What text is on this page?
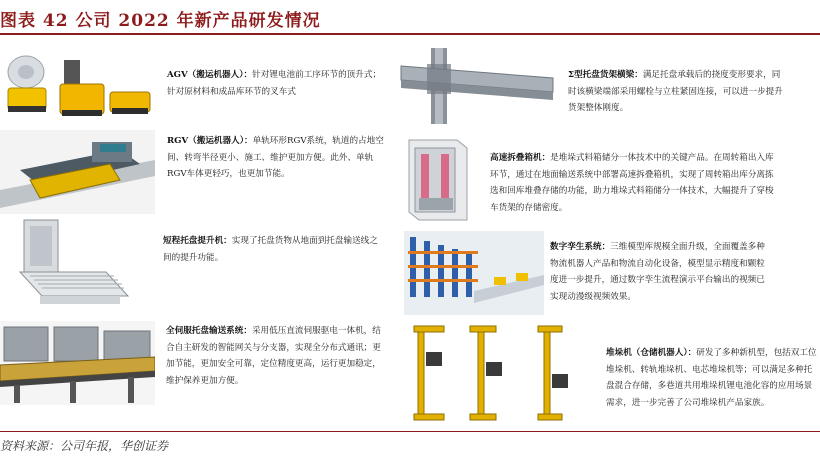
图表 42 公司 2022 年新产品研发情况
AGV（搬运机器人）：针对锂电池前工序环节的顶升式；针对原材料和成品库环节的叉车式
Σ型托盘货架横梁：满足托盘承载后的挠度变形要求，同时该横梁端部采用螺栓与立柱紧固连接，可以进一步提升货架整体刚度。
RGV（搬运机器人）：单轨环形RGV系统，轨道的占地空间、转弯半径更小、施工、维护更加方便。此外、单轨RGV车体更轻巧，也更加节能。
高速拆叠箱机：是堆垛式料箱储分一体技术中的关键产品。在周转箱出入库环节，通过在地面输送系统中部署高速拆叠箱机，实现了周转箱出库分离拣选和回库堆叠存储的功能，助力堆垛式料箱储分一体技术，大幅提升了穿梭车货架的存储密度。
短程托盘提升机：实现了托盘货物从地面到托盘输送线之间的提升功能。
数字孪生系统：三维模型库规模全面升级，全面覆盖多种物流机器人产品和物流自动化设备，模型显示精度和颗粒度进一步提升，通过数字孪生流程演示平台输出的视频已实现动漫级视频效果。
全伺服托盘输送系统：采用低压直流伺服驱电一体机，结合自主研发的智能网关与分支器，实现全分布式通讯；更加节能，更加安全可靠，定位精度更高，运行更加稳定，维护保养更加方便。
堆垛机（仓储机器人）：研发了多种新机型，包括双工位堆垛机、转轨堆垛机、电芯堆垛机等；可以满足多种托盘混合存储，多巷道共用堆垛机锂电池化容的应用场景需求，进一步完善了公司堆垛机产品家族。
资料来源：公司年报，华创证券
